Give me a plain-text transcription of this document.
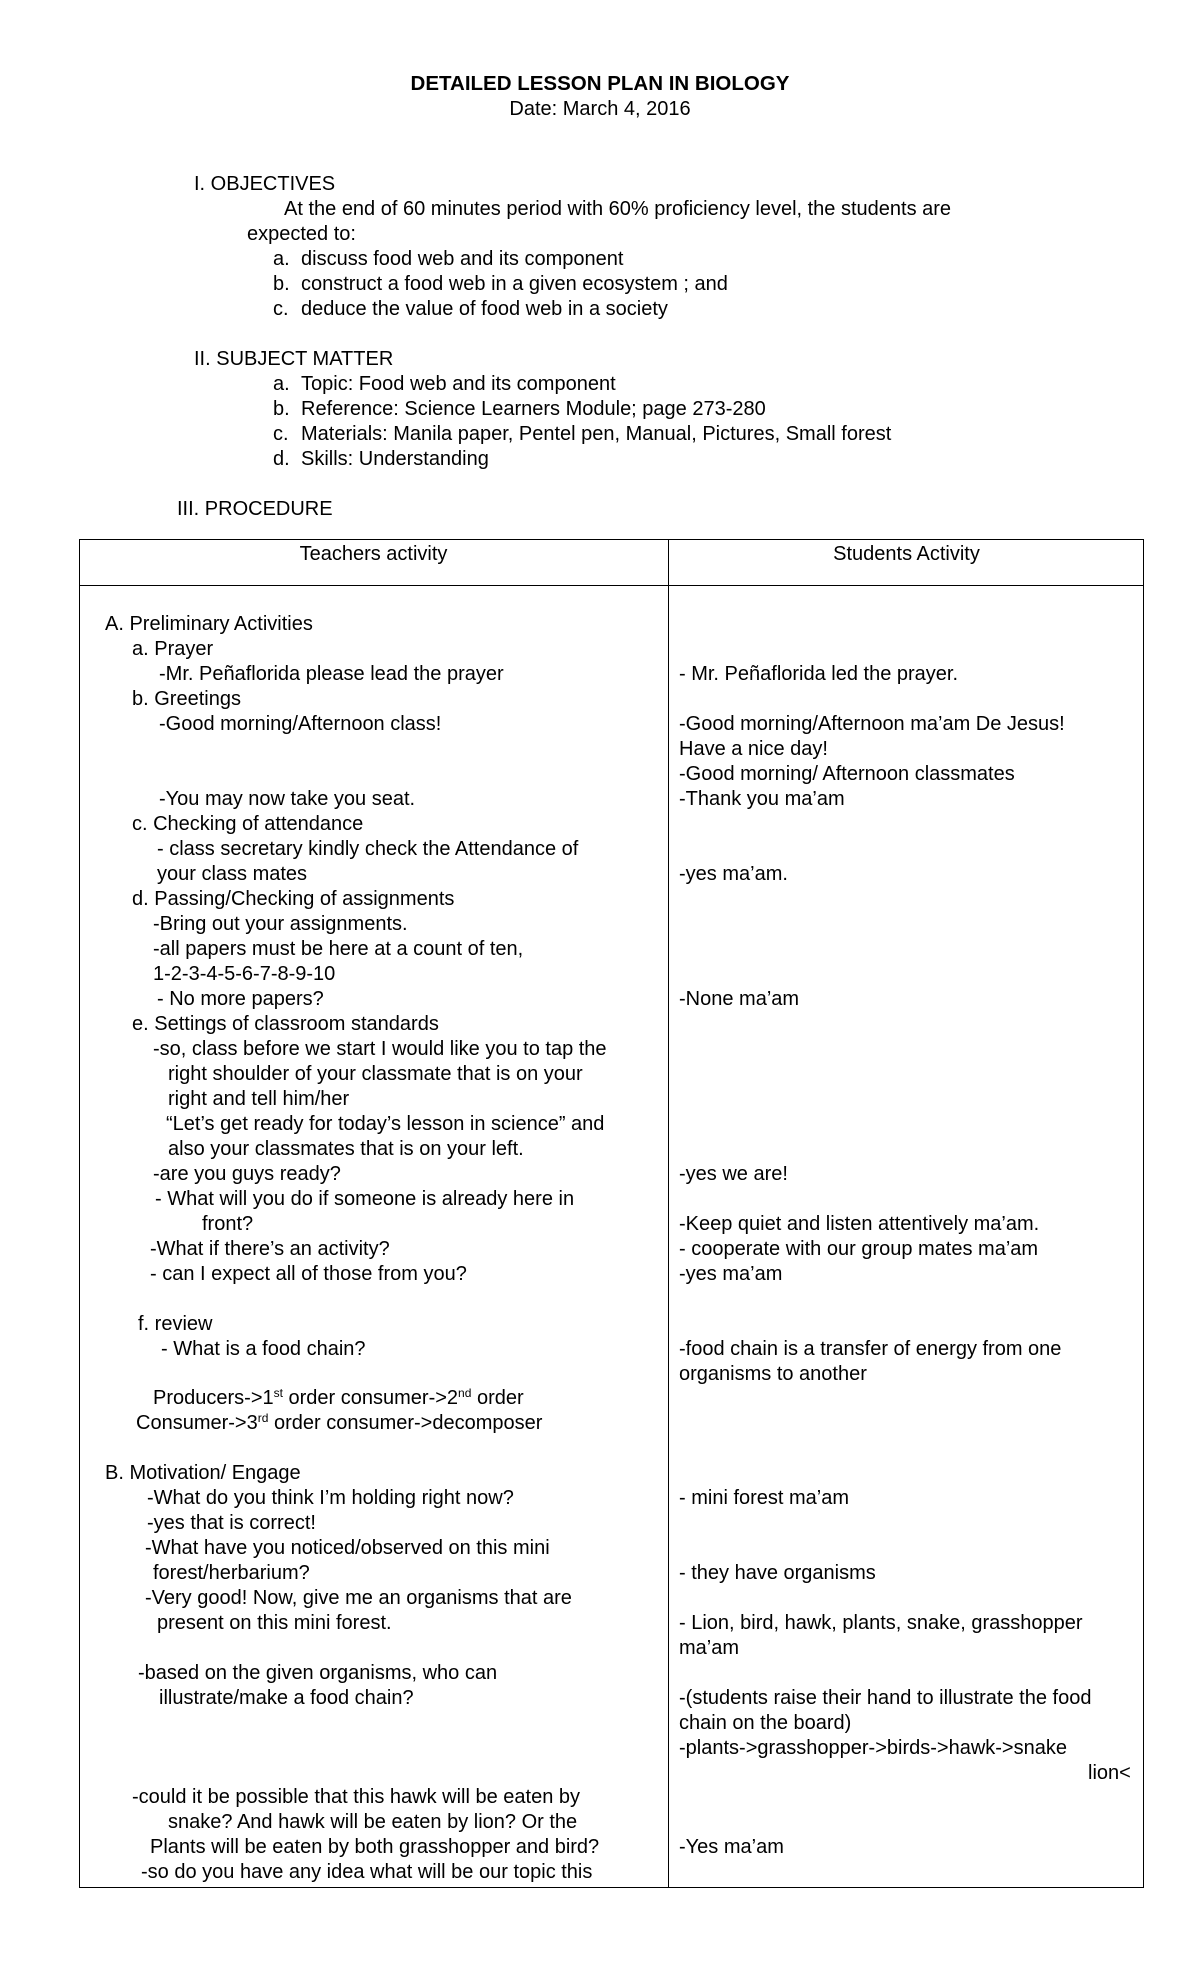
DETAILED LESSON PLAN IN BIOLOGY
Date: March 4, 2016
I. OBJECTIVES
At the end of 60 minutes period with 60% proficiency level, the students are
expected to:
a. discuss food web and its component
b. construct a food web in a given ecosystem ; and
c. deduce the value of food web in a society
II. SUBJECT MATTER
a. Topic: Food web and its component
b. Reference: Science Learners Module; page 273-280
c. Materials: Manila paper, Pentel pen, Manual, Pictures, Small forest
d. Skills: Understanding
III. PROCEDURE
Teachers activity	Students Activity
A. Preliminary Activities
a. Prayer
-Mr. Peñaflorida please lead the prayer
b. Greetings
-Good morning/Afternoon class!
-You may now take you seat.
c. Checking of attendance
- class secretary kindly check the Attendance of
your class mates
d. Passing/Checking of assignments
-Bring out your assignments.
-all papers must be here at a count of ten,
1-2-3-4-5-6-7-8-9-10
- No more papers?
e. Settings of classroom standards
-so, class before we start I would like you to tap the
right shoulder of your classmate that is on your
right and tell him/her
“Let’s get ready for today’s lesson in science” and
also your classmates that is on your left.
-are you guys ready?
- What will you do if someone is already here in
front?
-What if there’s an activity?
- can I expect all of those from you?
f. review
- What is a food chain?
Producers->1st order consumer->2nd order
Consumer->3rd order consumer->decomposer
B. Motivation/ Engage
-What do you think I’m holding right now?
-yes that is correct!
-What have you noticed/observed on this mini
forest/herbarium?
-Very good! Now, give me an organisms that are
present on this mini forest.
-based on the given organisms, who can
illustrate/make a food chain?
-could it be possible that this hawk will be eaten by
snake? And hawk will be eaten by lion? Or the
Plants will be eaten by both grasshopper and bird?
-so do you have any idea what will be our topic this
- Mr. Peñaflorida led the prayer.
-Good morning/Afternoon ma’am De Jesus!
Have a nice day!
-Good morning/ Afternoon classmates
-Thank you ma’am
-yes ma’am.
-None ma’am
-yes we are!
-Keep quiet and listen attentively ma’am.
- cooperate with our group mates ma’am
-yes ma’am
-food chain is a transfer of energy from one
organisms to another
- mini forest ma’am
- they have organisms
- Lion, bird, hawk, plants, snake, grasshopper
ma’am
-(students raise their hand to illustrate the food
chain on the board)
-plants->grasshopper->birds->hawk->snake
lion<
-Yes ma’am
